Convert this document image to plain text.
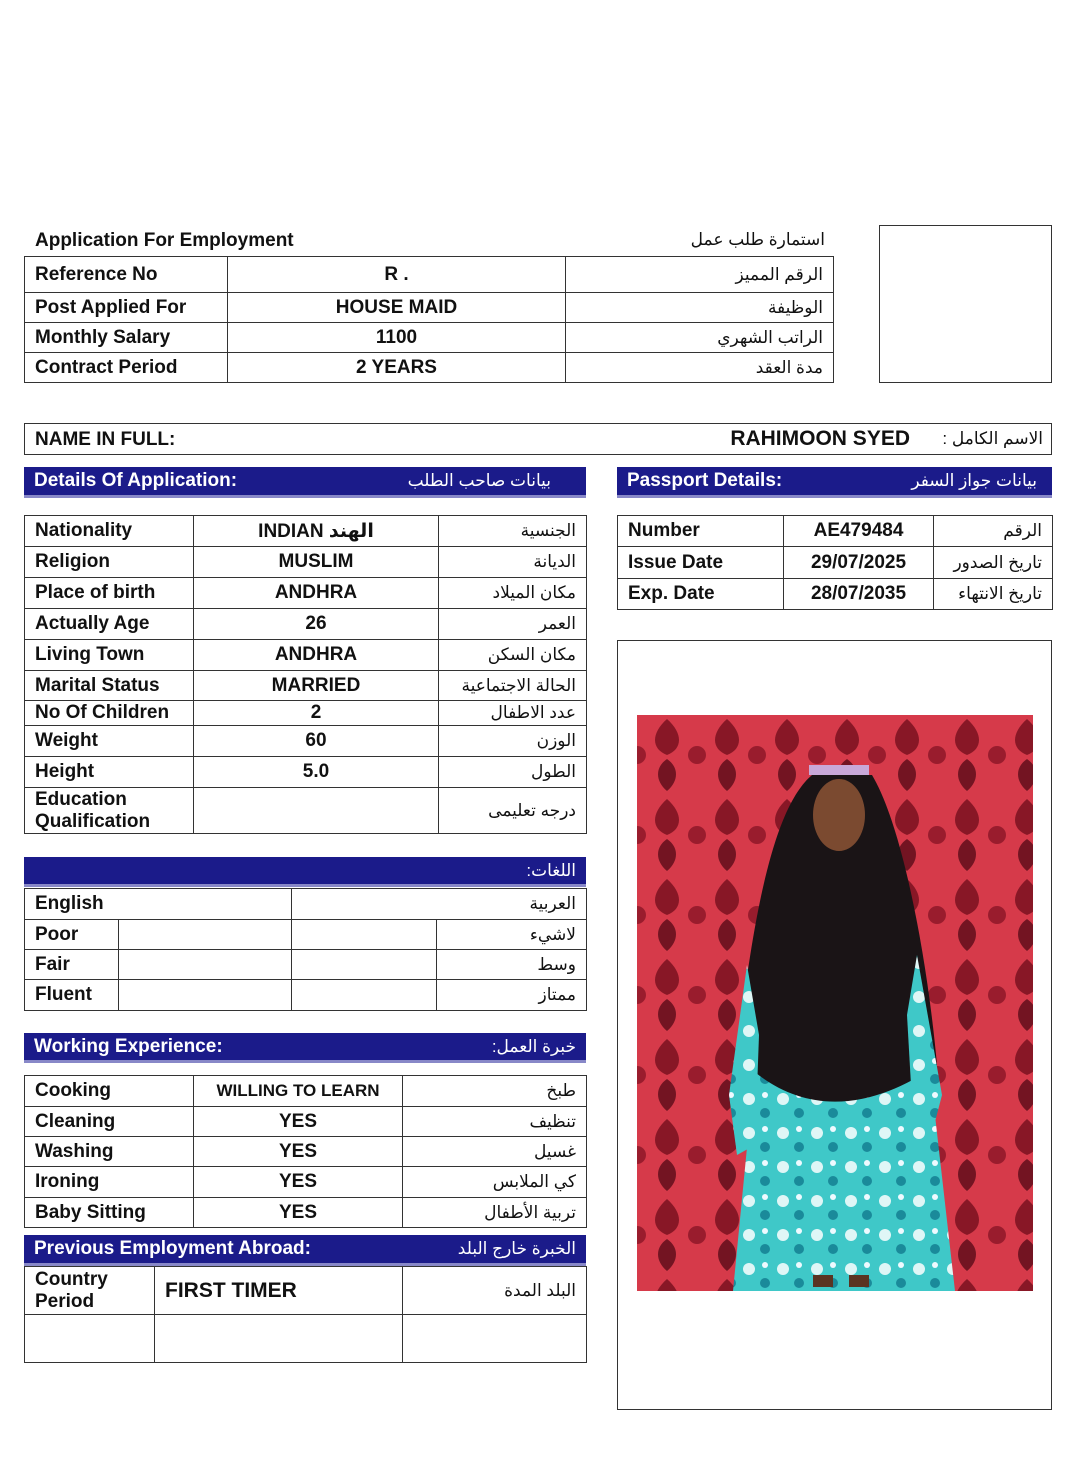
Application For Employment	استمارة طلب عمل
Reference No	R .	الرقم المميز
Post Applied For	HOUSE MAID	الوظيفة
Monthly Salary	1100	الراتب الشهري
Contract Period	2 YEARS	مدة العقد
NAME IN FULL:	RAHIMOON SYED	الاسم الكامل :
Details Of Application:	بيانات صاحب الطلب	Passport Details:	بيانات جواز السفر
Nationality	INDIAN الهند	الجنسية
Religion	MUSLIM	الديانة
Place of birth	ANDHRA	مكان الميلاد
Actually Age	26	العمر
Living Town	ANDHRA	مكان السكن
Marital Status	MARRIED	الحالة الاجتماعية
No Of Children	2	عدد الاطفال
Weight	60	الوزن
Height	5.0	الطول
Education
Qualification		درجه تعليمى
Number	AE479484	الرقم
Issue Date	29/07/2025	تاريخ الصدور
Exp. Date	28/07/2035	تاريخ الانتهاء
اللغات:
English		العربية	
Poor			لاشيء
Fair			وسط
Fluent			ممتاز
Working Experience:	خبرة العمل:
Cooking	WILLING TO LEARN	طبخ
Cleaning	YES	تنظيف
Washing	YES	غسيل
Ironing	YES	كي الملابس
Baby Sitting	YES	تربية الأطفال
Previous Employment Abroad:	الخبرة خارج البلد
Country
Period	FIRST TIMER	البلد المدة
